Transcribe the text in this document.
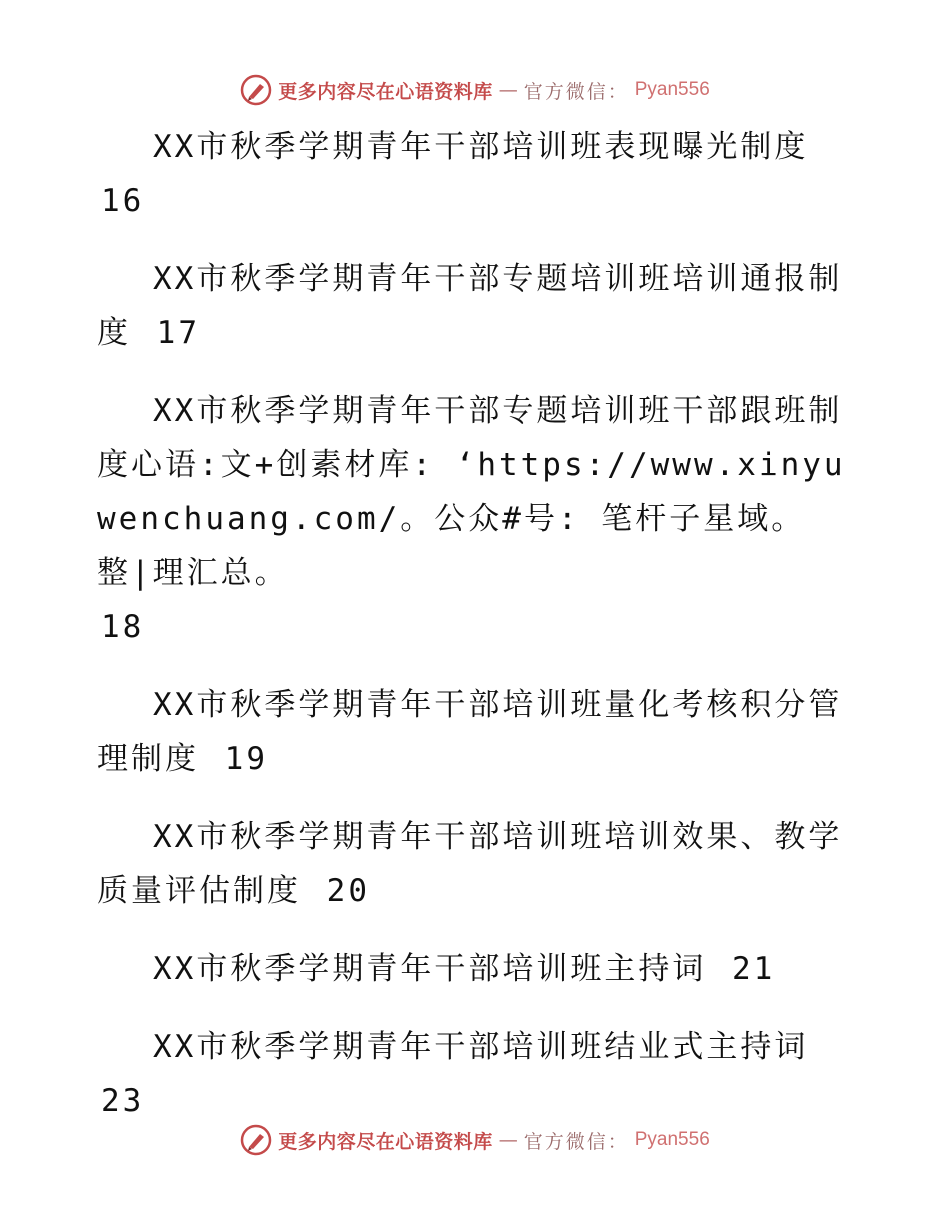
更多内容尽在心语资料库 — 官方微信： Pyan556
XX市秋季学期青年干部培训班表现曝光制度
16
XX市秋季学期青年干部专题培训班培训通报制度 17
XX市秋季学期青年干部专题培训班干部跟班制度心语:文+创素材库: ‘https://www.xinyuwenchuang.com/。公众#号: 笔杆子星域。整|理汇总。
18
XX市秋季学期青年干部培训班量化考核积分管理制度 19
XX市秋季学期青年干部培训班培训效果、教学质量评估制度 20
XX市秋季学期青年干部培训班主持词 21
XX市秋季学期青年干部培训班结业式主持词
23
更多内容尽在心语资料库 — 官方微信： Pyan556
